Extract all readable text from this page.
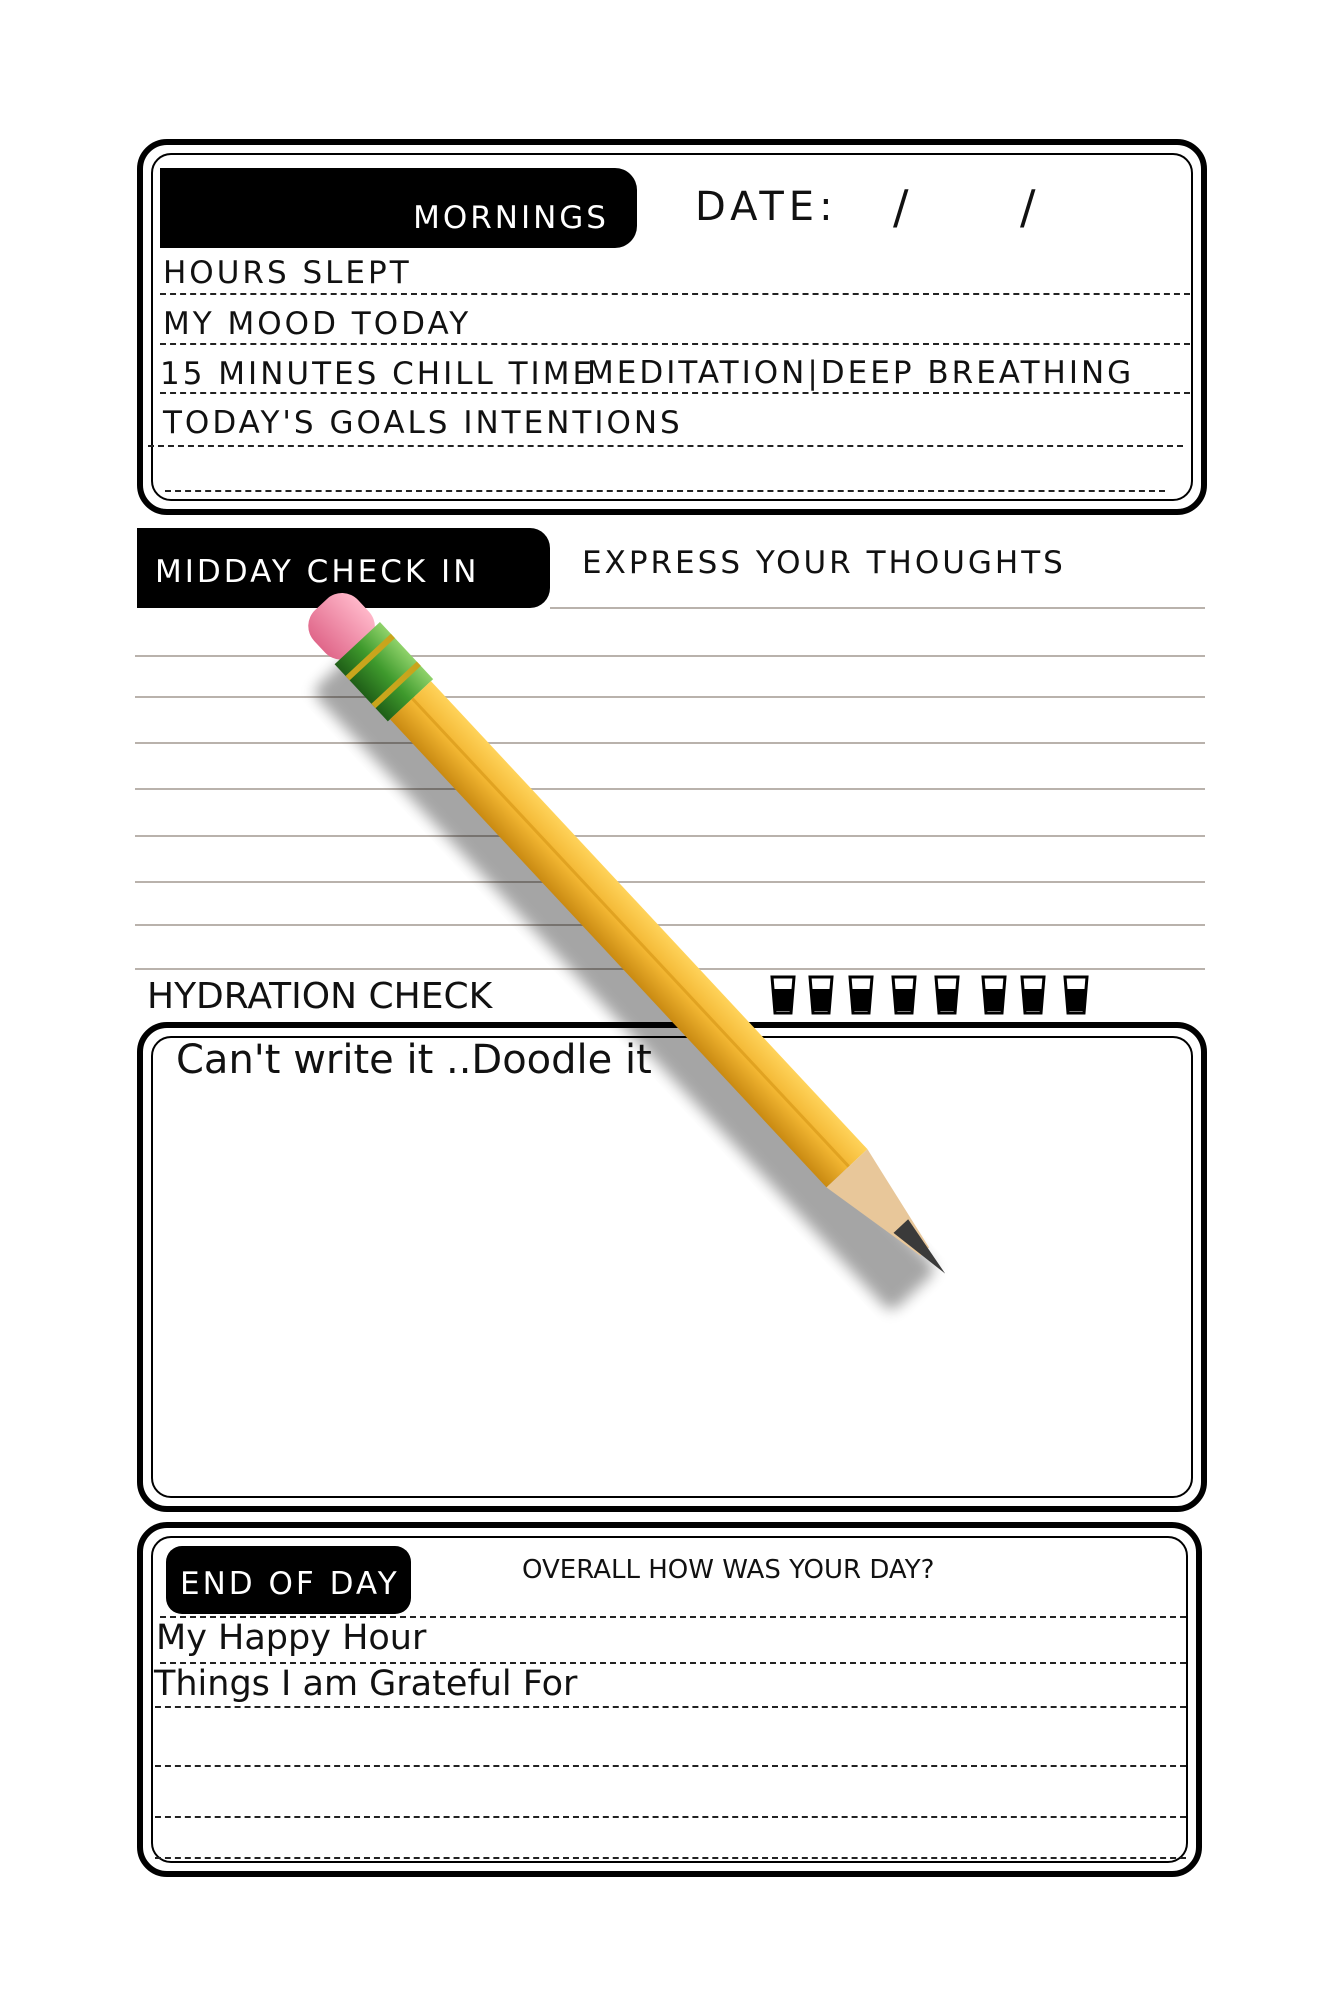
MORNINGS DATE: / /
HOURS SLEPT
MY MOOD TODAY
15 MINUTES CHILL TIME
MEDITATION|DEEP BREATHING
TODAY'S GOALS INTENTIONS
MIDDAY CHECK IN	EXPRESS YOUR THOUGHTS
HYDRATION CHECK
Can't write it ..Doodle it
END OF DAY	OVERALL HOW WAS YOUR DAY?
My Happy Hour
Things I am Grateful For
